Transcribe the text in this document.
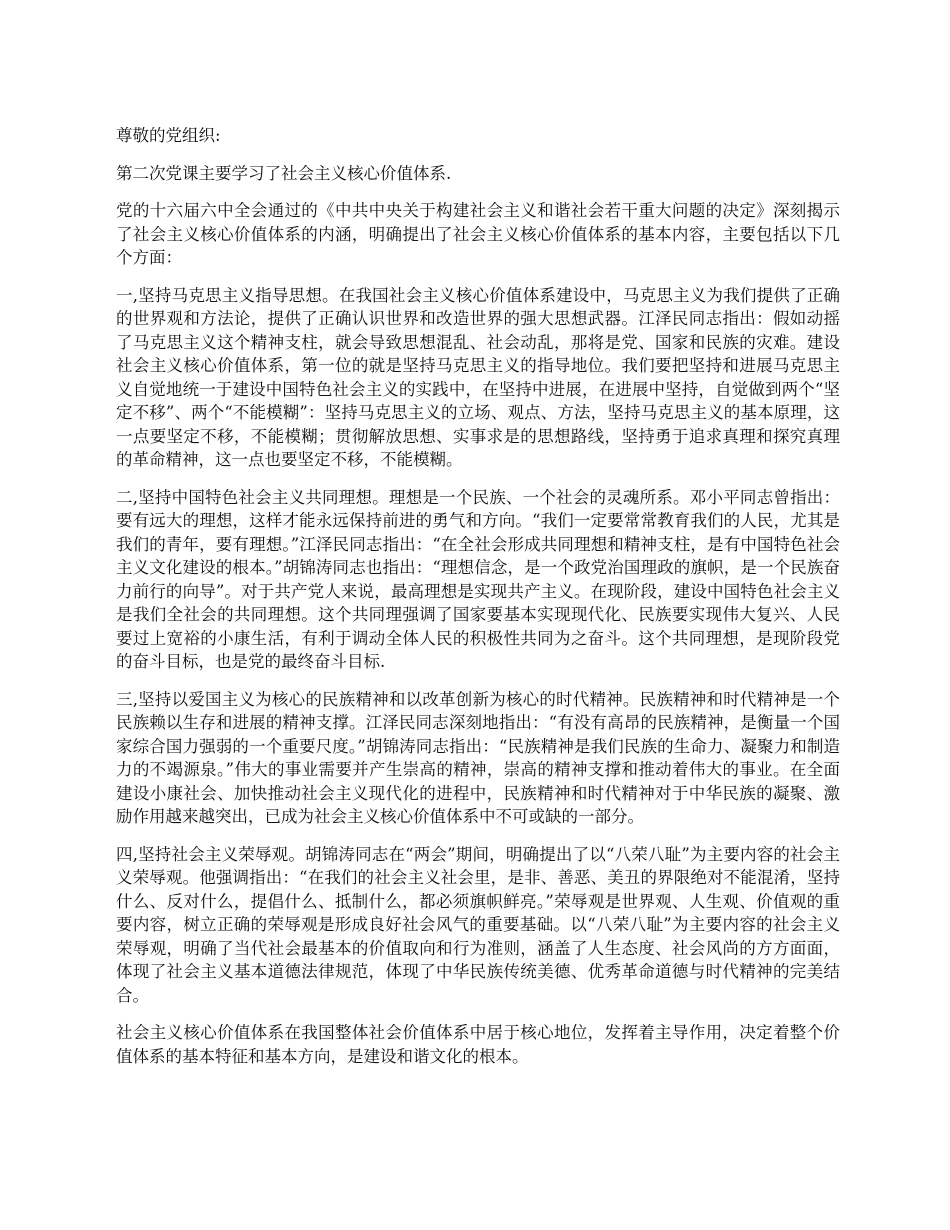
尊敬的党组织:

第二次党课主要学习了社会主义核心价值体系.

党的十六届六中全会通过的《中共中央关于构建社会主义和谐社会若干重大问题的决定》深刻揭示了社会主义核心价值体系的内涵，明确提出了社会主义核心价值体系的基本内容，主要包括以下几个方面：

一,坚持马克思主义指导思想。在我国社会主义核心价值体系建设中，马克思主义为我们提供了正确的世界观和方法论，提供了正确认识世界和改造世界的强大思想武器。江泽民同志指出：假如动摇了马克思主义这个精神支柱，就会导致思想混乱、社会动乱，那将是党、国家和民族的灾难。建设社会主义核心价值体系，第一位的就是坚持马克思主义的指导地位。我们要把坚持和进展马克思主义自觉地统一于建设中国特色社会主义的实践中，在坚持中进展，在进展中坚持，自觉做到两个“坚定不移”、两个“不能模糊”：坚持马克思主义的立场、观点、方法，坚持马克思主义的基本原理，这一点要坚定不移，不能模糊；贯彻解放思想、实事求是的思想路线，坚持勇于追求真理和探究真理的革命精神，这一点也要坚定不移，不能模糊。

二,坚持中国特色社会主义共同理想。理想是一个民族、一个社会的灵魂所系。邓小平同志曾指出：要有远大的理想，这样才能永远保持前进的勇气和方向。“我们一定要常常教育我们的人民，尤其是我们的青年，要有理想。”江泽民同志指出：“在全社会形成共同理想和精神支柱，是有中国特色社会主义文化建设的根本。”胡锦涛同志也指出：“理想信念，是一个政党治国理政的旗帜，是一个民族奋力前行的向导”。对于共产党人来说，最高理想是实现共产主义。在现阶段，建设中国特色社会主义是我们全社会的共同理想。这个共同理强调了国家要基本实现现代化、民族要实现伟大复兴、人民要过上宽裕的小康生活，有利于调动全体人民的积极性共同为之奋斗。这个共同理想，是现阶段党的奋斗目标，也是党的最终奋斗目标.

三,坚持以爱国主义为核心的民族精神和以改革创新为核心的时代精神。民族精神和时代精神是一个民族赖以生存和进展的精神支撑。江泽民同志深刻地指出：“有没有高昂的民族精神，是衡量一个国家综合国力强弱的一个重要尺度。”胡锦涛同志指出：“民族精神是我们民族的生命力、凝聚力和制造力的不竭源泉。”伟大的事业需要并产生崇高的精神，崇高的精神支撑和推动着伟大的事业。在全面建设小康社会、加快推动社会主义现代化的进程中，民族精神和时代精神对于中华民族的凝聚、激励作用越来越突出，已成为社会主义核心价值体系中不可或缺的一部分。

四,坚持社会主义荣辱观。胡锦涛同志在“两会”期间，明确提出了以“八荣八耻”为主要内容的社会主义荣辱观。他强调指出：“在我们的社会主义社会里，是非、善恶、美丑的界限绝对不能混淆，坚持什么、反对什么，提倡什么、抵制什么，都必须旗帜鲜亮。”荣辱观是世界观、人生观、价值观的重要内容，树立正确的荣辱观是形成良好社会风气的重要基础。以“八荣八耻”为主要内容的社会主义荣辱观，明确了当代社会最基本的价值取向和行为准则，涵盖了人生态度、社会风尚的方方面面，体现了社会主义基本道德法律规范，体现了中华民族传统美德、优秀革命道德与时代精神的完美结合。

社会主义核心价值体系在我国整体社会价值体系中居于核心地位，发挥着主导作用，决定着整个价值体系的基本特征和基本方向，是建设和谐文化的根本。
